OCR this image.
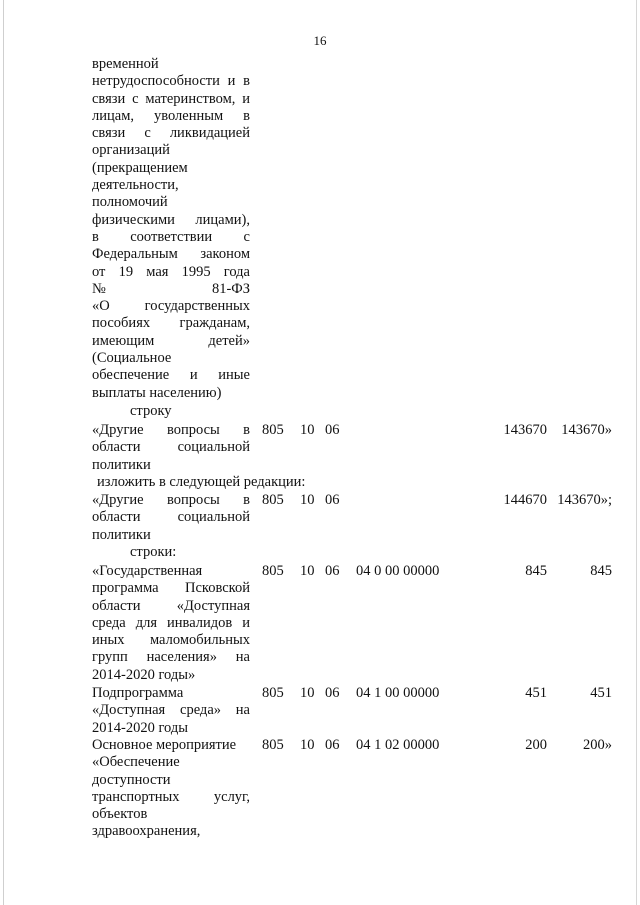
16
временной
нетрудоспособности и в
связи с материнством, и
лицам, уволенным в
связи с ликвидацией
организаций
(прекращением
деятельности,
полномочий
физическими лицами),
в соответствии с
Федеральным законом
от 19 мая 1995 года
№ 81-ФЗ
«О государственных
пособиях гражданам,
имеющим детей»
(Социальное
обеспечение и иные
выплаты населению)
строку
«Другие вопросы в
области социальной
политики
805 10 06	143670 143670»
изложить в следующей редакции:
«Другие вопросы в
области социальной
политики
805 10 06	144670 143670»;
строки:
«Государственная
программа Псковской
области «Доступная
среда для инвалидов и
иных маломобильных
групп населения» на
2014-2020 годы»
805 10 06 04 0 00 00000	845	845
Подпрограмма
«Доступная среда» на
2014-2020 годы
805 10 06 04 1 00 00000	451	451
Основное мероприятие
«Обеспечение
доступности
транспортных услуг,
объектов
здравоохранения,
805 10 06 04 1 02 00000	200 200»
